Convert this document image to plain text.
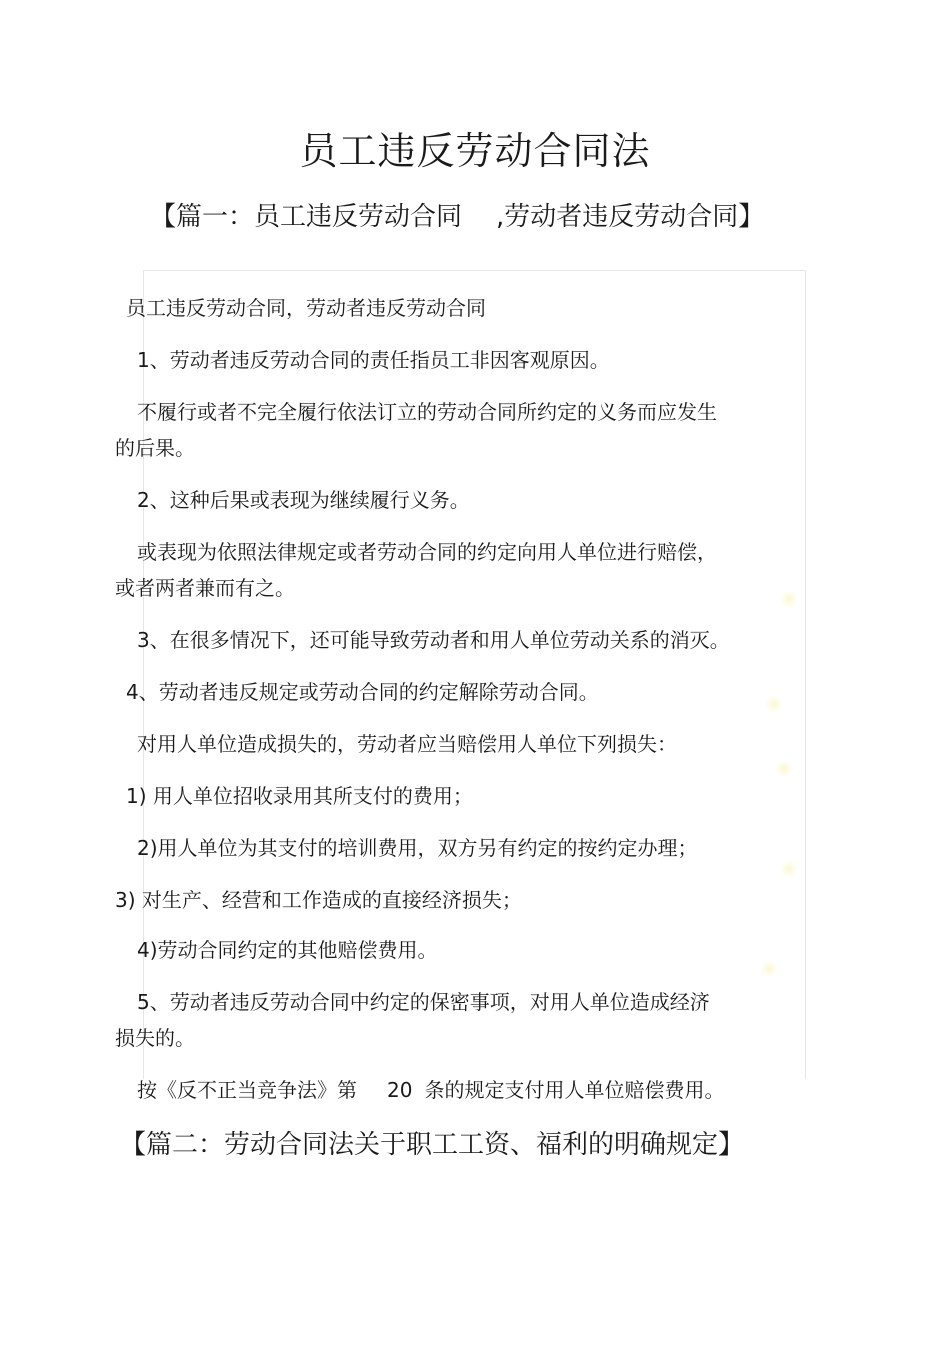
员工违反劳动合同法
【篇一：员工违反劳动合同 ,劳动者违反劳动合同】

员工违反劳动合同，劳动者违反劳动合同

1、劳动者违反劳动合同的责任指员工非因客观原因。

不履行或者不完全履行依法订立的劳动合同所约定的义务而应发生

的后果。

2、这种后果或表现为继续履行义务。

或表现为依照法律规定或者劳动合同的约定向用人单位进行赔偿，

或者两者兼而有之。

3、在很多情况下，还可能导致劳动者和用人单位劳动关系的消灭。

4、劳动者违反规定或劳动合同的约定解除劳动合同。

对用人单位造成损失的，劳动者应当赔偿用人单位下列损失：

1) 用人单位招收录用其所支付的费用；

2)用人单位为其支付的培训费用，双方另有约定的按约定办理；

3) 对生产、经营和工作造成的直接经济损失；

4)劳动合同约定的其他赔偿费用。

5、劳动者违反劳动合同中约定的保密事项，对用人单位造成经济

损失的。

按《反不正当竞争法》第 20 条的规定支付用人单位赔偿费用。

【篇二：劳动合同法关于职工工资、福利的明确规定】
